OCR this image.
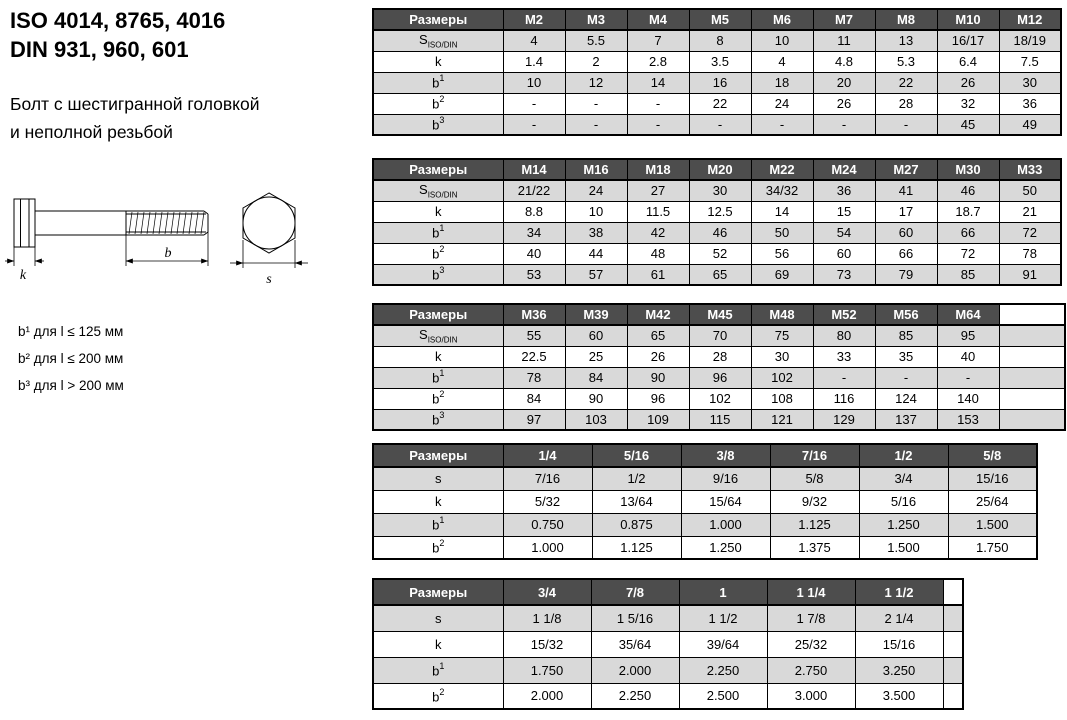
ISO 4014, 8765, 4016
DIN 931, 960, 601
Болт с шестигранной головкой
и неполной резьбой
k
b
s
b¹ для l ≤ 125 мм
b² для l ≤ 200 мм
b³ для l > 200 мм
Размеры	M2	M3	M4	M5	M6	M7	M8	M10	M12
$S_{ISO/DIN}$	4	5.5	7	8	10	11	13	16/17	18/19
k	1.4	2	2.8	3.5	4	4.8	5.3	6.4	7.5
$b^1$	10	12	14	16	18	20	22	26	30
$b^2$	-	-	-	22	24	26	28	32	36
$b^3$	-	-	-	-	-	-	-	45	49
Размеры	M14	M16	M18	M20	M22	M24	M27	M30	M33
$S_{ISO/DIN}$	21/22	24	27	30	34/32	36	41	46	50
k	8.8	10	11.5	12.5	14	15	17	18.7	21
$b^1$	34	38	42	46	50	54	60	66	72
$b^2$	40	44	48	52	56	60	66	72	78
$b^3$	53	57	61	65	69	73	79	85	91
Размеры	M36	M39	M42	M45	M48	M52	M56	M64	
$S_{ISO/DIN}$	55	60	65	70	75	80	85	95	
k	22.5	25	26	28	30	33	35	40	
$b^1$	78	84	90	96	102	-	-	-	
$b^2$	84	90	96	102	108	116	124	140	
$b^3$	97	103	109	115	121	129	137	153	
Размеры	1/4	5/16	3/8	7/16	1/2	5/8
s	7/16	1/2	9/16	5/8	3/4	15/16
k	5/32	13/64	15/64	9/32	5/16	25/64
$b^1$	0.750	0.875	1.000	1.125	1.250	1.500
$b^2$	1.000	1.125	1.250	1.375	1.500	1.750
Размеры	3/4	7/8	1	1 1/4	1 1/2	
s	1 1/8	1 5/16	1 1/2	1 7/8	2 1/4	
k	15/32	35/64	39/64	25/32	15/16	
$b^1$	1.750	2.000	2.250	2.750	3.250	
$b^2$	2.000	2.250	2.500	3.000	3.500	
